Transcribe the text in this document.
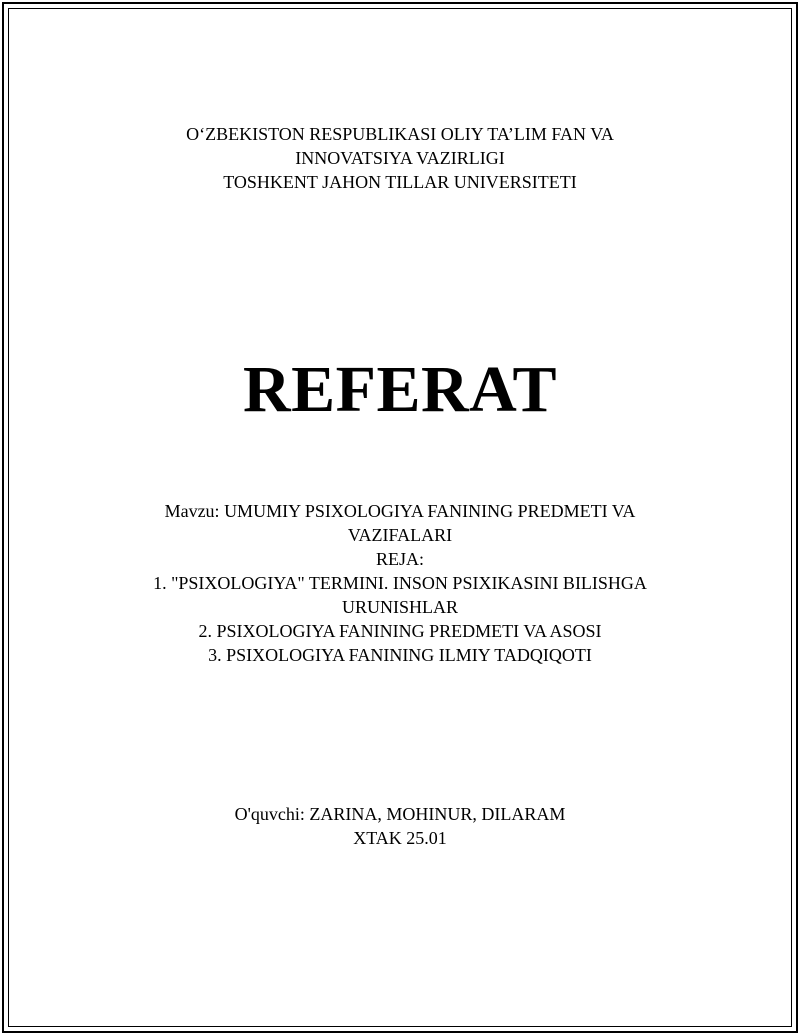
O‘ZBEKISTON RESPUBLIKASI OLIY TA’LIM FAN VA
INNOVATSIYA VAZIRLIGI
TOSHKENT JAHON TILLAR UNIVERSITETI
REFERAT
Mavzu: UMUMIY PSIXOLOGIYA FANINING PREDMETI VA
VAZIFALARI
REJA:
1. "PSIXOLOGIYA" TERMINI. INSON PSIXIKASINI BILISHGA
URUNISHLAR
2. PSIXOLOGIYA FANINING PREDMETI VA ASOSI
3. PSIXOLOGIYA FANINING ILMIY TADQIQOTI
O'quvchi: ZARINA, MOHINUR, DILARAM
XTAK 25.01
